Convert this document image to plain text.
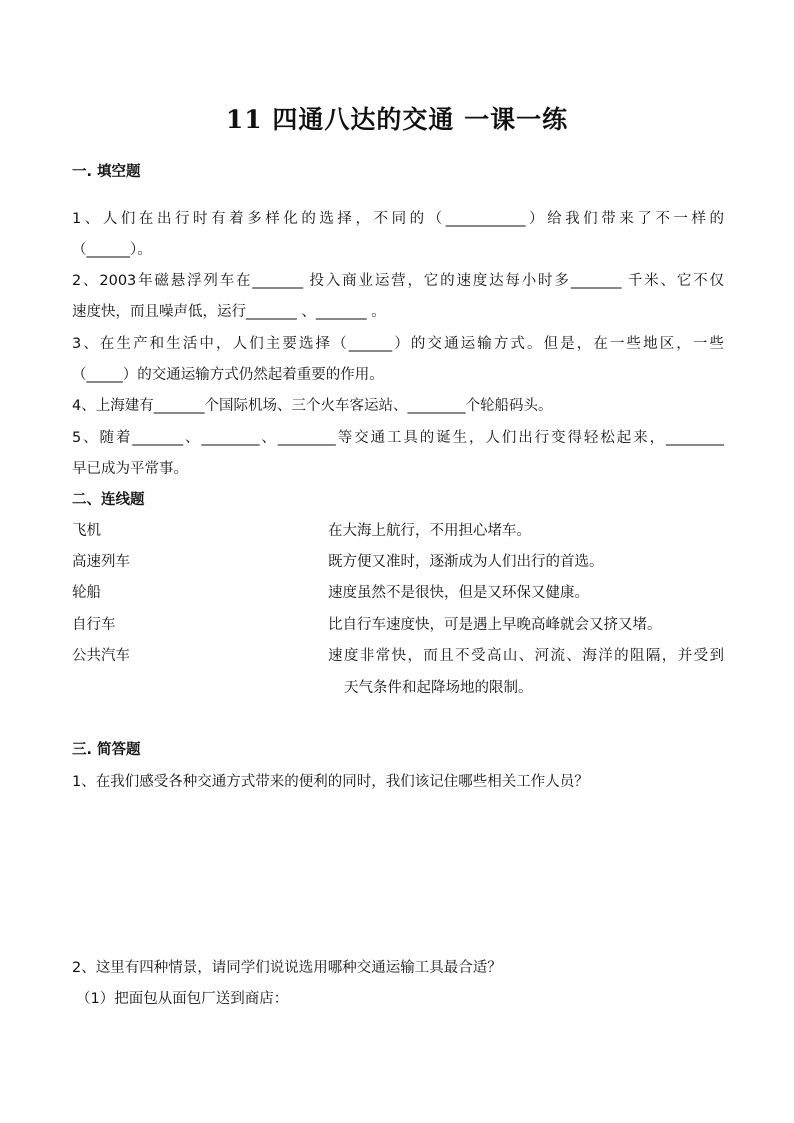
11 四通八达的交通 一课一练
一. 填空题
1、人们在出行时有着多样化的选择，不同的（___________）给我们带来了不一样的
（______）。
2、2003年磁悬浮列车在_______ 投入商业运营，它的速度达每小时多_______ 千米、它不仅
速度快，而且噪声低，运行_______ 、_______ 。
3、在生产和生活中，人们主要选择（______）的交通运输方式。但是，在一些地区，一些
（_____）的交通运输方式仍然起着重要的作用。
4、上海建有_______个国际机场、三个火车客运站、________个轮船码头。
5、随着_______、________、________等交通工具的诞生，人们出行变得轻松起来，________
早已成为平常事。
二、连线题
飞机
高速列车
轮船
自行车
公共汽车
在大海上航行，不用担心堵车。
既方便又准时，逐渐成为人们出行的首选。
速度虽然不是很快，但是又环保又健康。
比自行车速度快，可是遇上早晚高峰就会又挤又堵。
速度非常快，而且不受高山、河流、海洋的阻隔，并受到
天气条件和起降场地的限制。
三. 简答题
1、在我们感受各种交通方式带来的便利的同时，我们该记住哪些相关工作人员？
2、这里有四种情景，请同学们说说选用哪种交通运输工具最合适？
（1）把面包从面包厂送到商店：
